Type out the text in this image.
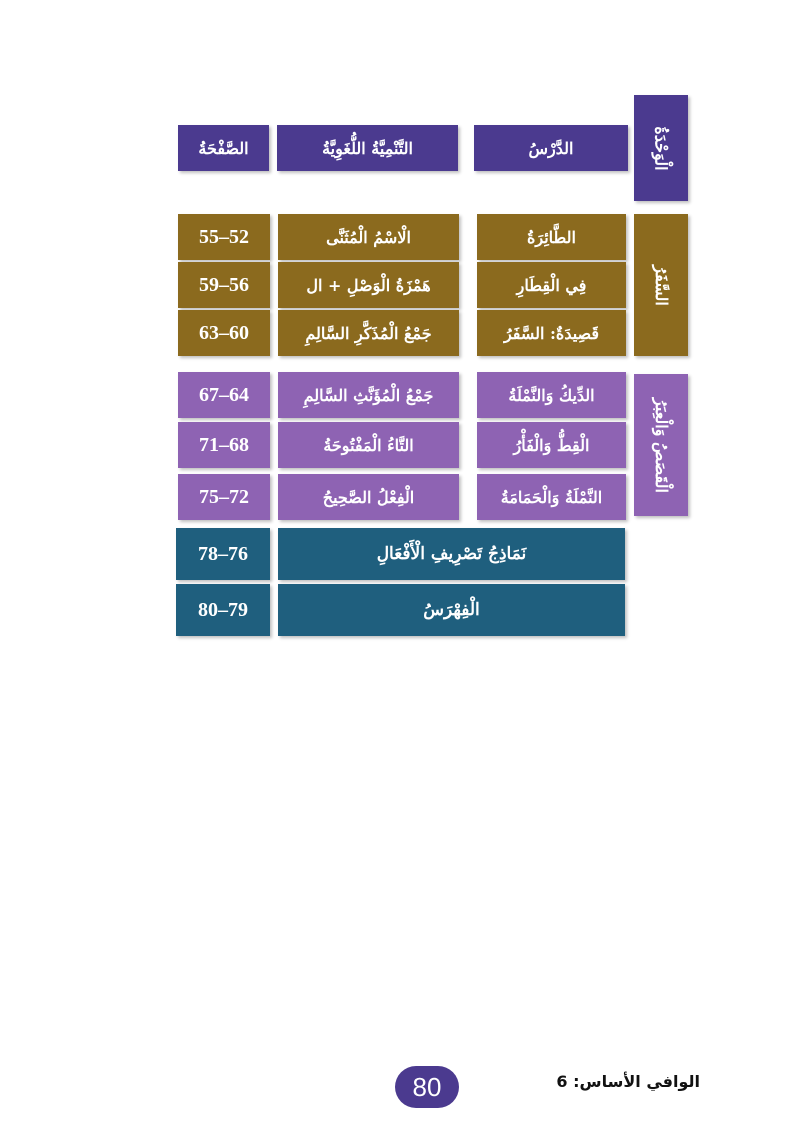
الْوَحْدَةُ
الدَّرْسُ
التَّنْمِيَّةُ اللُّغَوِيَّةُ
الصَّفْحَةُ
السَّفَرُ
الطَّائِرَةُ
الْاسْمُ الْمُثَنَّى
55–52
فِي الْقِطَارِ
هَمْزَةُ الْوَصْلِ + ال
59–56
قَصِيدَةٌ: السَّفَرُ
جَمْعُ الْمُذَكَّرِ السَّالِمِ
63–60
الْقَصَصُ وَالْعِبَرُ
الدِّيكُ وَالنَّمْلَةُ
جَمْعُ الْمُؤَنَّثِ السَّالِمِ
67–64
الْقِطُّ وَالْفَأْرُ
التَّاءُ الْمَفْتُوحَةُ
71–68
النَّمْلَةُ وَالْحَمَامَةُ
الْفِعْلُ الصَّحِيحُ
75–72
نَمَاذِجُ تَصْرِيفِ الْأَفْعَالِ
78–76
الْفِهْرَسُ
80–79
الوافي الأساس: 6
80
